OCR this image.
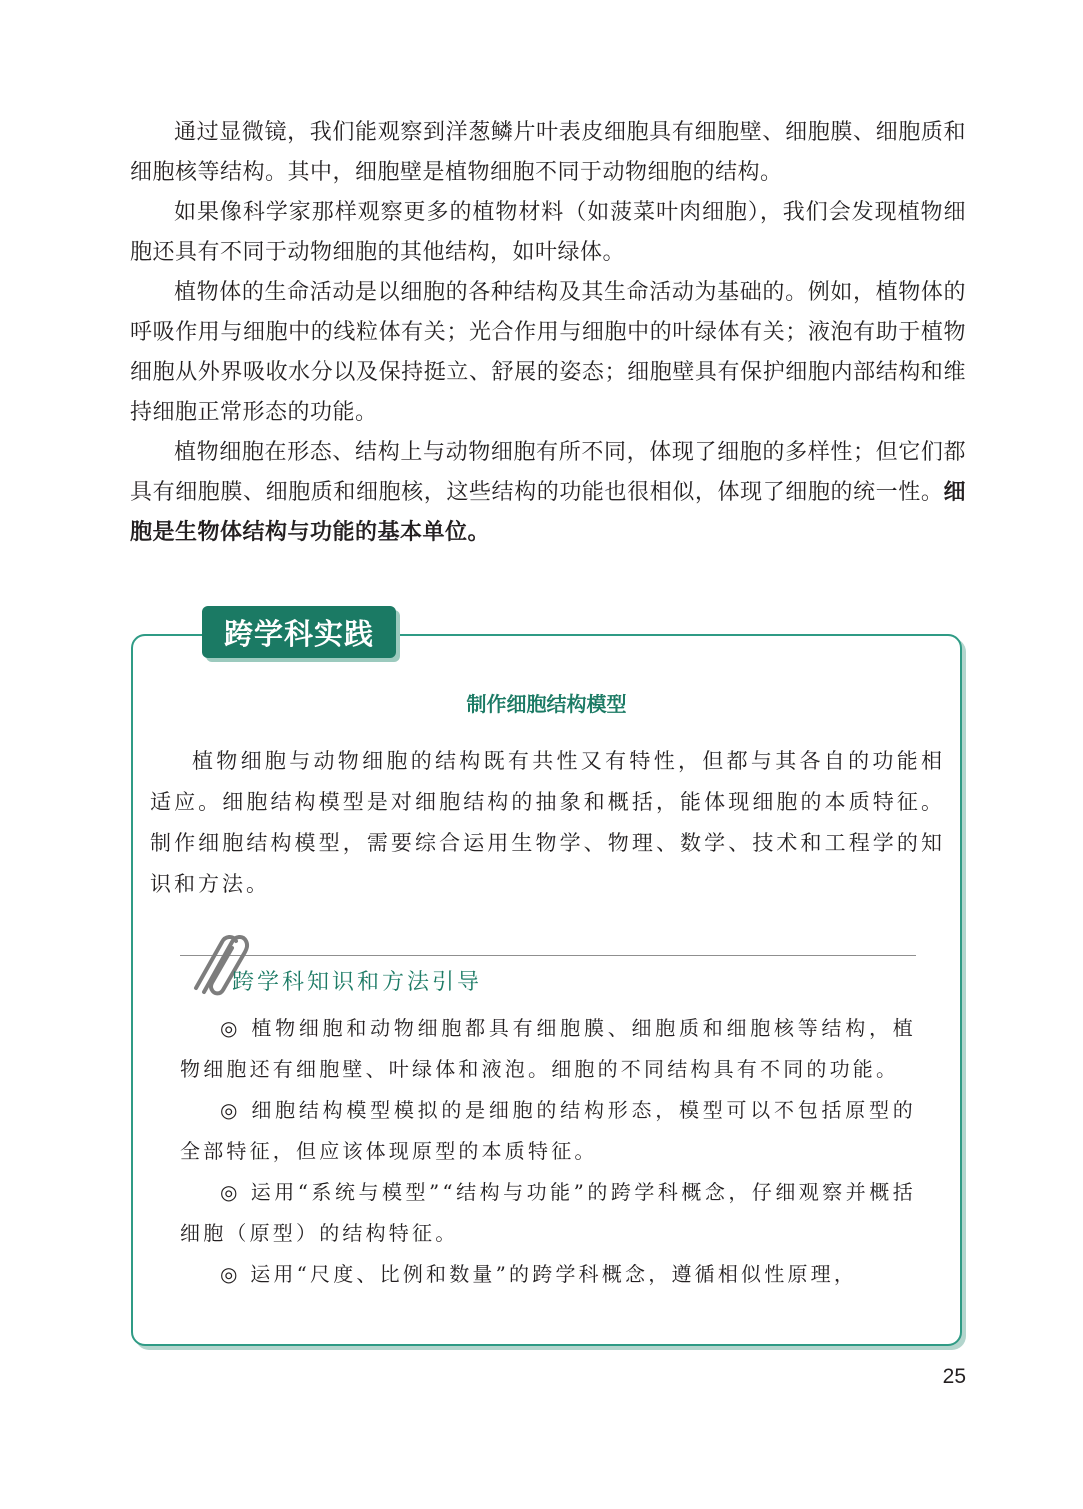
通过显微镜，我们能观察到洋葱鳞片叶表皮细胞具有细胞壁、细胞膜、细胞质和细胞核等结构。其中，细胞壁是植物细胞不同于动物细胞的结构。

如果像科学家那样观察更多的植物材料（如菠菜叶肉细胞），我们会发现植物细胞还具有不同于动物细胞的其他结构，如叶绿体。

植物体的生命活动是以细胞的各种结构及其生命活动为基础的。例如，植物体的呼吸作用与细胞中的线粒体有关；光合作用与细胞中的叶绿体有关；液泡有助于植物细胞从外界吸收水分以及保持挺立、舒展的姿态；细胞壁具有保护细胞内部结构和维持细胞正常形态的功能。

植物细胞在形态、结构上与动物细胞有所不同，体现了细胞的多样性；但它们都具有细胞膜、细胞质和细胞核，这些结构的功能也很相似，体现了细胞的统一性。细胞是生物体结构与功能的基本单位。

跨学科实践

制作细胞结构模型

植物细胞与动物细胞的结构既有共性又有特性，但都与其各自的功能相适应。细胞结构模型是对细胞结构的抽象和概括，能体现细胞的本质特征。制作细胞结构模型，需要综合运用生物学、物理、数学、技术和工程学的知识和方法。

跨学科知识和方法引导

◎ 植物细胞和动物细胞都具有细胞膜、细胞质和细胞核等结构，植物细胞还有细胞壁、叶绿体和液泡。细胞的不同结构具有不同的功能。

◎ 细胞结构模型模拟的是细胞的结构形态，模型可以不包括原型的全部特征，但应该体现原型的本质特征。

◎ 运用“系统与模型”“结构与功能”的跨学科概念，仔细观察并概括细胞（原型）的结构特征。

◎ 运用“尺度、比例和数量”的跨学科概念，遵循相似性原理，

25
